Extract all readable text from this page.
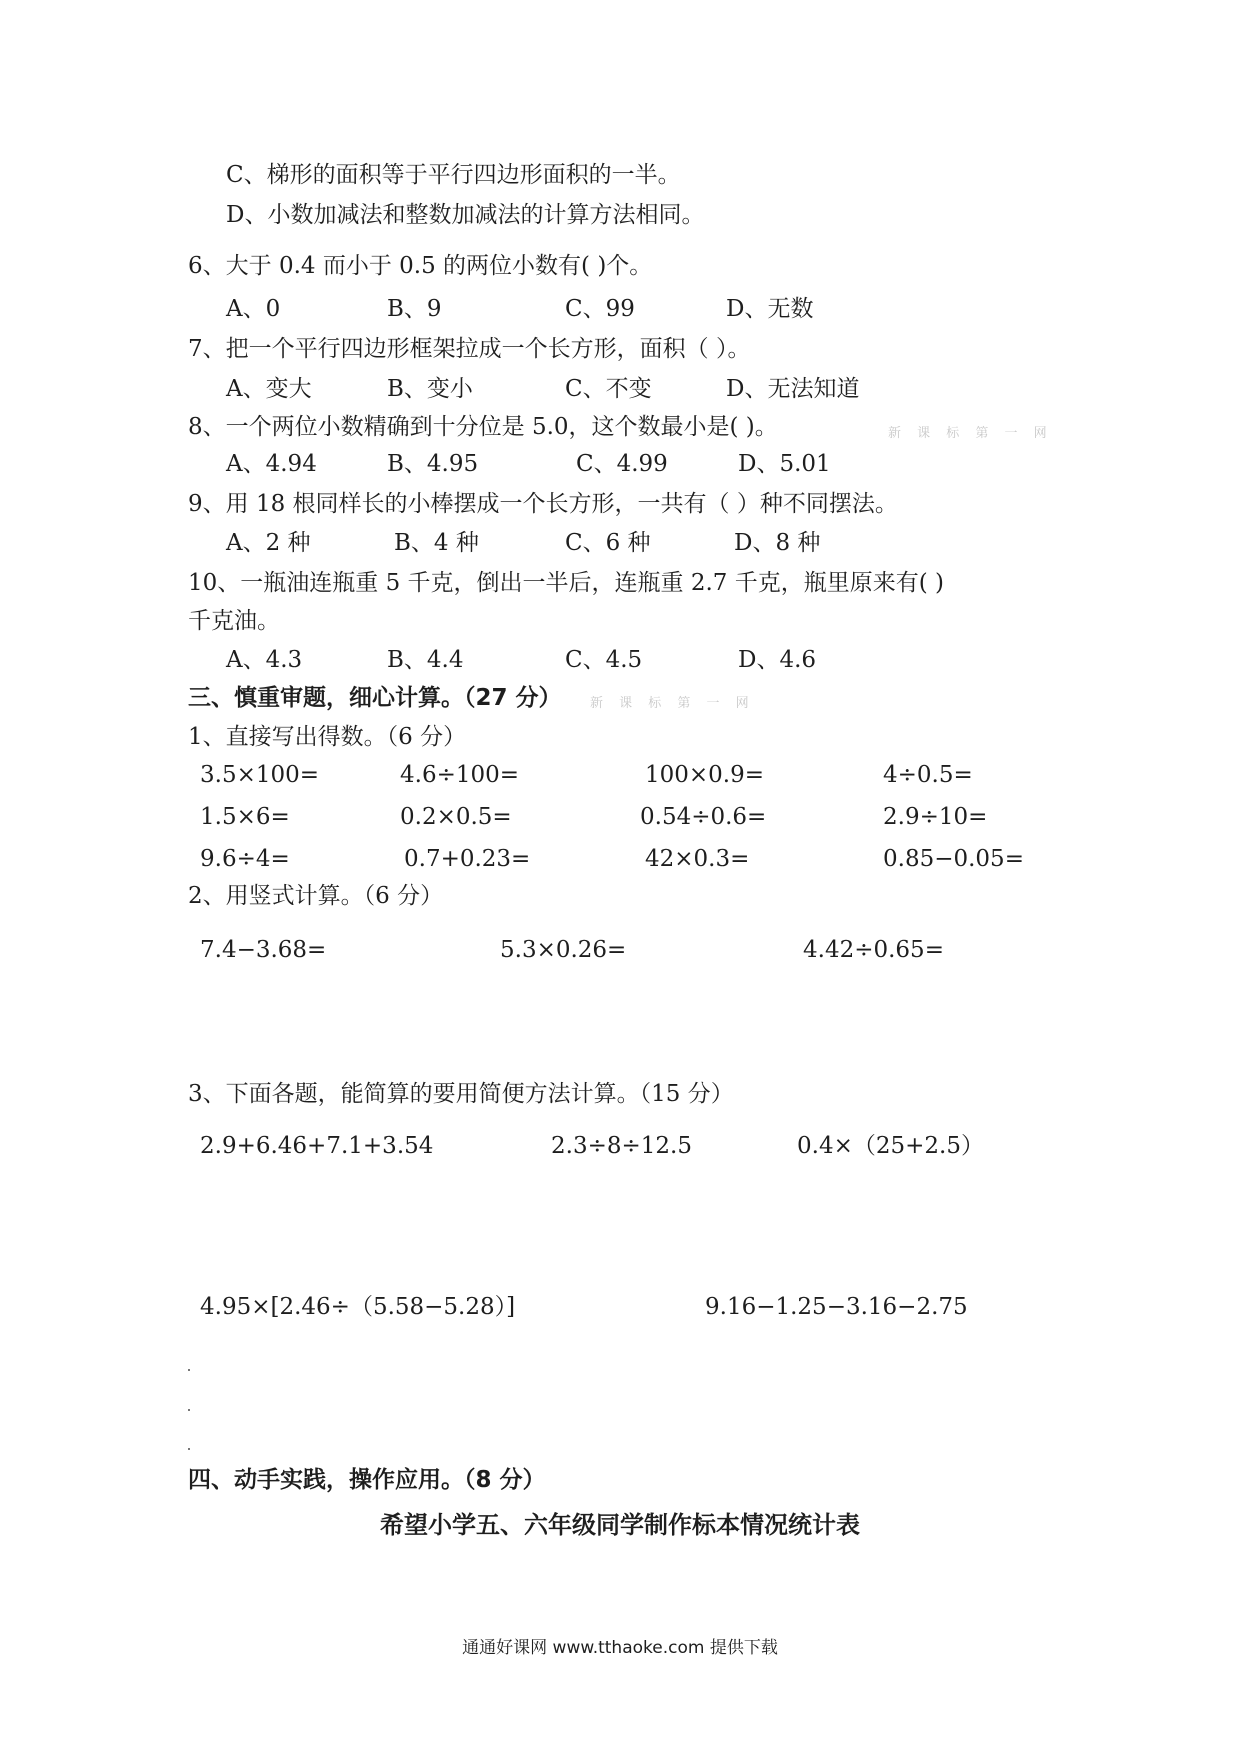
C、梯形的面积等于平行四边形面积的一半。
D、小数加减法和整数加减法的计算方法相同。
6、大于 0.4 而小于 0.5 的两位小数有( )个。
A、0	B、9	C、99	D、无数
7、把一个平行四边形框架拉成一个长方形，面积（ ）。
A、变大	B、变小	C、不变	D、无法知道
8、一个两位小数精确到十分位是 5.0，这个数最小是( )。	新 课 标 第 一 网
A、4.94	B、4.95	C、4.99	D、5.01
9、用 18 根同样长的小棒摆成一个长方形，一共有（ ）种不同摆法。
A、2 种	B、4 种	C、6 种	D、8 种
10、一瓶油连瓶重 5 千克，倒出一半后，连瓶重 2.7 千克，瓶里原来有( )
千克油。
A、4.3	B、4.4	C、4.5	D、4.6
三、慎重审题，细心计算。（27 分） 新 课 标 第 一 网
1、直接写出得数。（6 分）
3.5×100=	4.6÷100=	100×0.9=	4÷0.5=
1.5×6=	0.2×0.5=	0.54÷0.6=	2.9÷10=
9.6÷4=	0.7+0.23=	42×0.3=	0.85−0.05=
2、用竖式计算。（6 分）
7.4−3.68=	5.3×0.26=	4.42÷0.65=
3、下面各题，能简算的要用简便方法计算。（15 分）
2.9+6.46+7.1+3.54	2.3÷8÷12.5	0.4×（25+2.5）
4.95×[2.46÷（5.58−5.28）]	9.16−1.25−3.16−2.75
四、动手实践，操作应用。（8 分）
希望小学五、六年级同学制作标本情况统计表
通通好课网 www.tthaoke.com 提供下载
